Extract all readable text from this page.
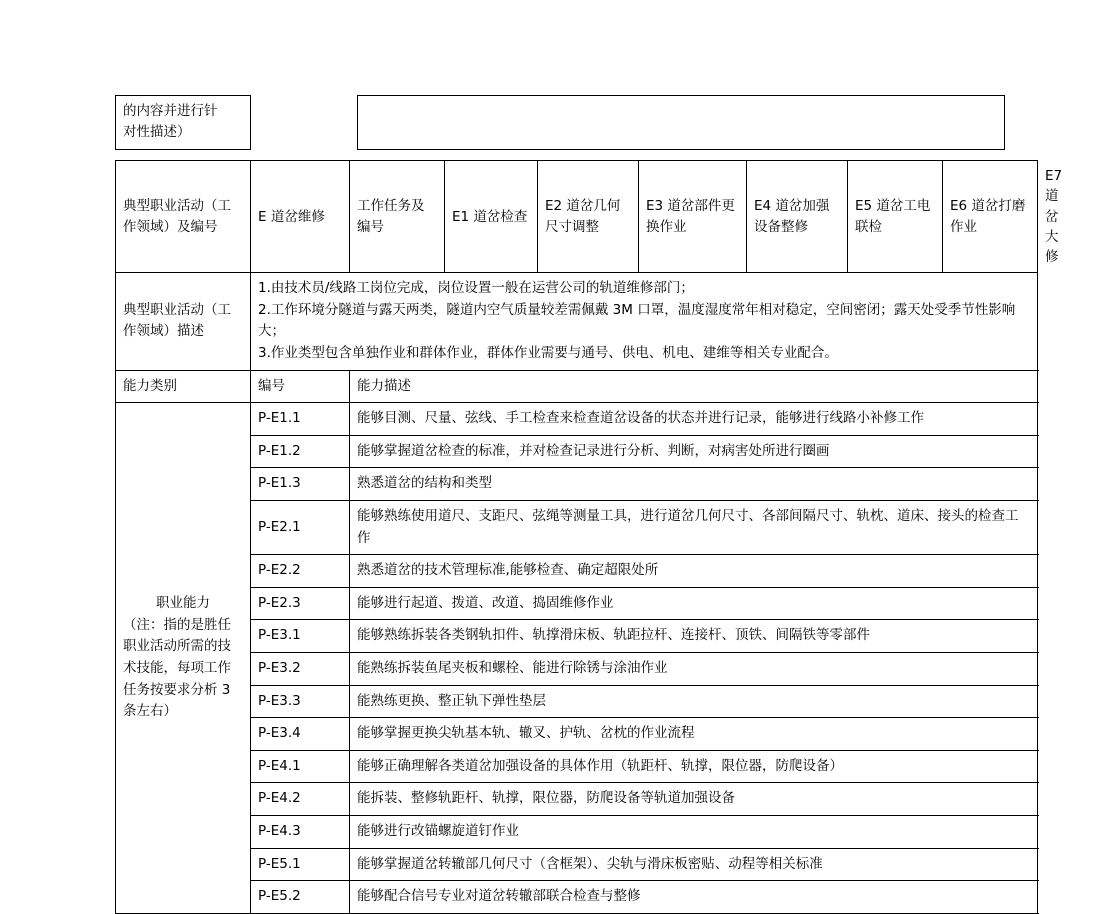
的内容并进行针
对性描述）

典型职业活动（工作领域）及编号	E 道岔维修	工作任务及编号	E1 道岔检查	E2 道岔几何尺寸调整	E3 道岔部件更换作业	E4 道岔加强设备整修	E5 道岔工电联检	E6 道岔打磨作业	E7 道岔大修
典型职业活动（工作领域）描述	1.由技术员/线路工岗位完成，岗位设置一般在运营公司的轨道维修部门；

2.工作环境分隧道与露天两类，隧道内空气质量较差需佩戴 3M 口罩，温度湿度常年相对稳定，空间密闭；露天处受季节性影响大；

3.作业类型包含单独作业和群体作业，群体作业需要与通号、供电、机电、建维等相关专业配合。								

能力类别	编号	能力描述							

职业能力
（注：指的是胜任职业活动所需的技术技能，每项工作任务按要求分析 3 条左右）	P-E1.1	能够目测、尺量、弦线、手工检查来检查道岔设备的状态并进行记录，能够进行线路小补修工作							
	P-E1.2	能够掌握道岔检查的标准，并对检查记录进行分析、判断，对病害处所进行圈画							
	P-E1.3	熟悉道岔的结构和类型							
	P-E2.1	能够熟练使用道尺、支距尺、弦绳等测量工具，进行道岔几何尺寸、各部间隔尺寸、轨枕、道床、接头的检查工作							
	P-E2.2	熟悉道岔的技术管理标准,能够检查、确定超限处所							
	P-E2.3	能够进行起道、拨道、改道、捣固维修作业							
	P-E3.1	能够熟练拆装各类钢轨扣件、轨撑滑床板、轨距拉杆、连接杆、顶铁、间隔铁等零部件							
	P-E3.2	能熟练拆装鱼尾夹板和螺栓、能进行除锈与涂油作业							
	P-E3.3	能熟练更换、整正轨下弹性垫层							
	P-E3.4	能够掌握更换尖轨基本轨、辙叉、护轨、岔枕的作业流程							
	P-E4.1	能够正确理解各类道岔加强设备的具体作用（轨距杆、轨撑，限位器，防爬设备）							
	P-E4.2	能拆装、整修轨距杆、轨撑，限位器，防爬设备等轨道加强设备							
	P-E4.3	能够进行改锚螺旋道钉作业							
	P-E5.1	能够掌握道岔转辙部几何尺寸（含框架）、尖轨与滑床板密贴、动程等相关标准							
	P-E5.2	能够配合信号专业对道岔转辙部联合检查与整修							
